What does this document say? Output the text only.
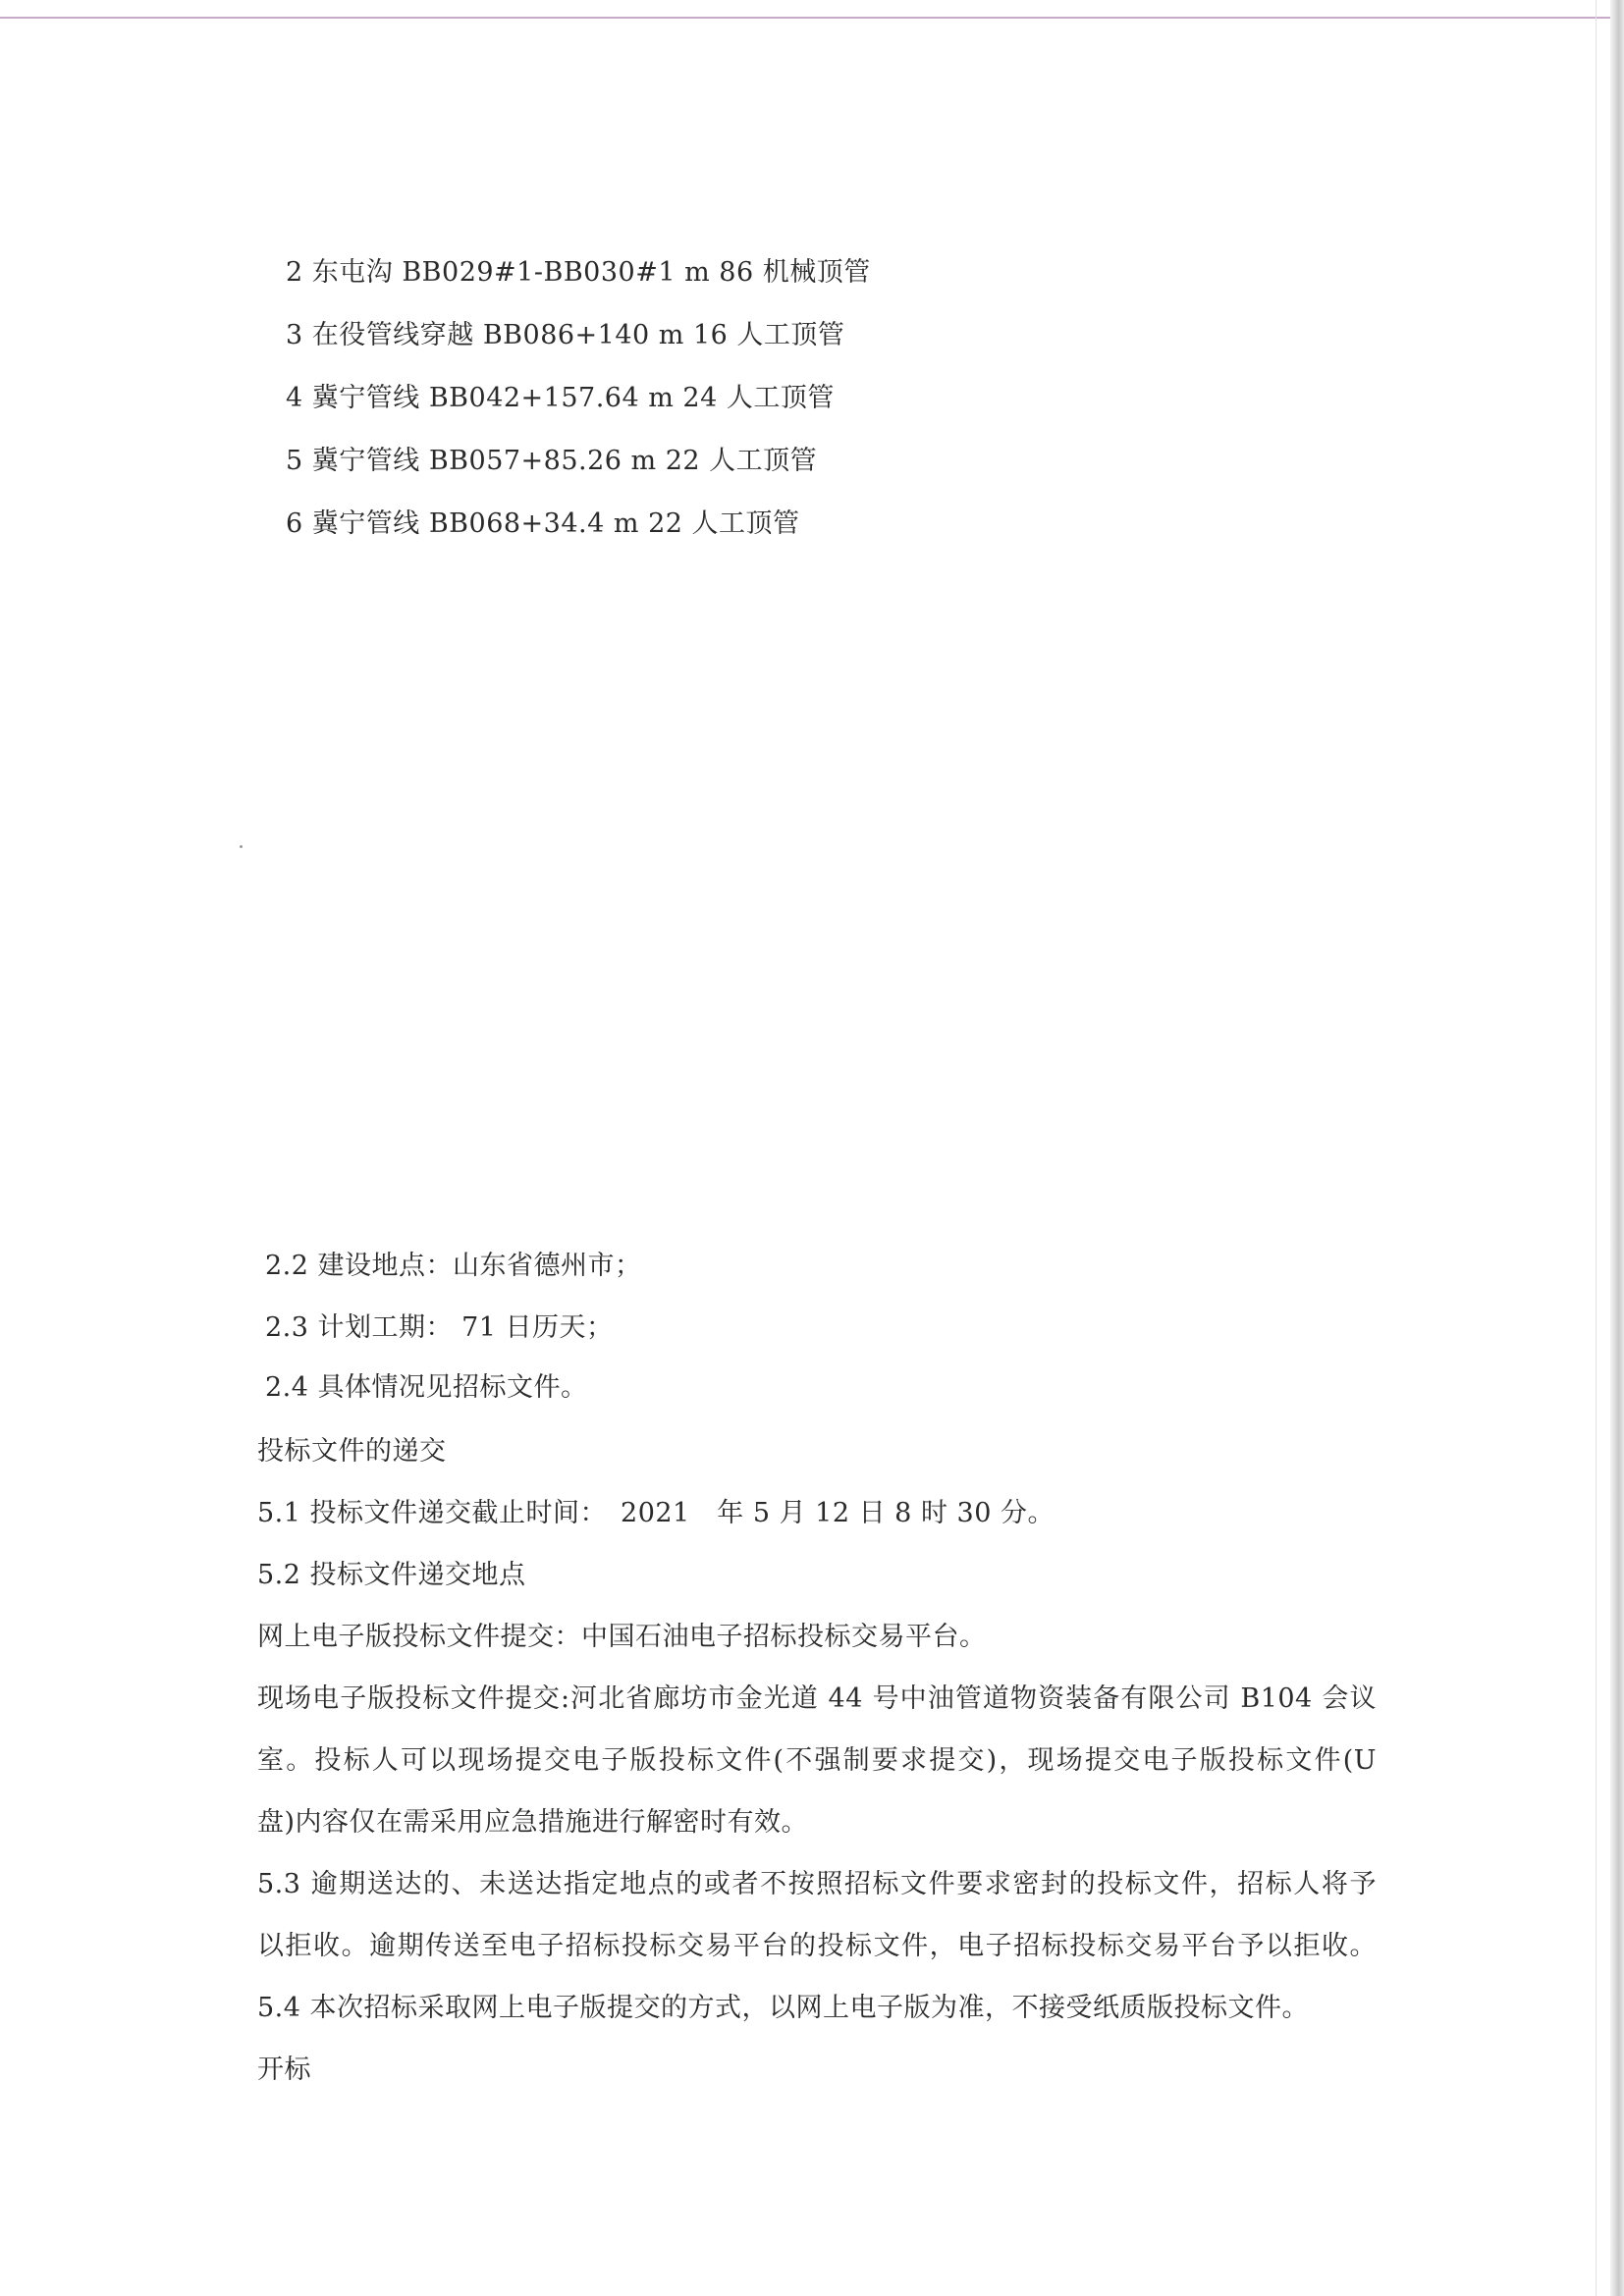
2 东屯沟 BB029#1-BB030#1 m 86 机械顶管
3 在役管线穿越 BB086+140 m 16 人工顶管
4 冀宁管线 BB042+157.64 m 24 人工顶管
5 冀宁管线 BB057+85.26 m 22 人工顶管
6 冀宁管线 BB068+34.4 m 22 人工顶管
2.2 建设地点：山东省德州市；
2.3 计划工期： 71 日历天；
2.4 具体情况见招标文件。
投标文件的递交
5.1 投标文件递交截止时间：　2021　年 5 月 12 日 8 时 30 分。
5.2 投标文件递交地点
网上电子版投标文件提交：中国石油电子招标投标交易平台。
现场电子版投标文件提交:河北省廊坊市金光道 44 号中油管道物资装备有限公司 B104 会议
室。投标人可以现场提交电子版投标文件(不强制要求提交)，现场提交电子版投标文件(U
盘)内容仅在需采用应急措施进行解密时有效。
5.3 逾期送达的、未送达指定地点的或者不按照招标文件要求密封的投标文件，招标人将予
以拒收。逾期传送至电子招标投标交易平台的投标文件，电子招标投标交易平台予以拒收。
5.4 本次招标采取网上电子版提交的方式，以网上电子版为准，不接受纸质版投标文件。
开标
